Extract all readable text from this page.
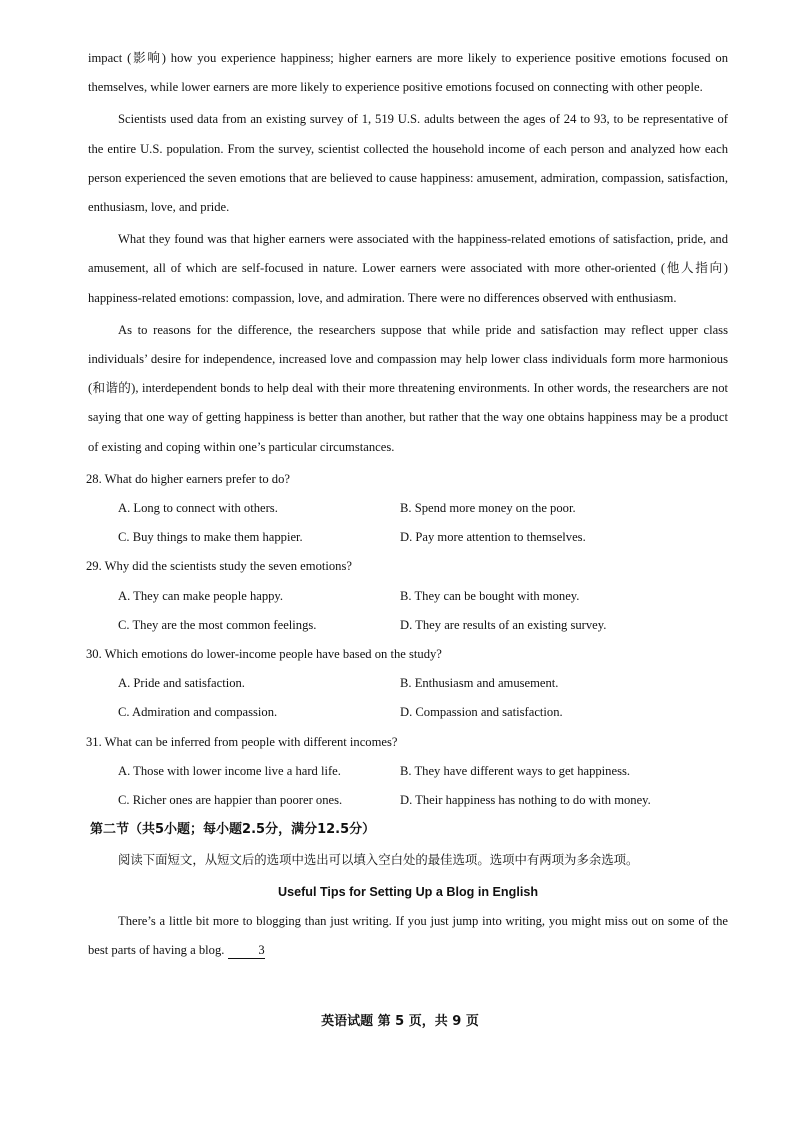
impact (影响) how you experience happiness; higher earners are more likely to experience positive emotions focused on themselves, while lower earners are more likely to experience positive emotions focused on connecting with other people.

Scientists used data from an existing survey of 1, 519 U.S. adults between the ages of 24 to 93, to be representative of the entire U.S. population. From the survey, scientist collected the household income of each person and analyzed how each person experienced the seven emotions that are believed to cause happiness: amusement, admiration, compassion, satisfaction, enthusiasm, love, and pride.

What they found was that higher earners were associated with the happiness-related emotions of satisfaction, pride, and amusement, all of which are self-focused in nature. Lower earners were associated with more other-oriented (他人指向) happiness-related emotions: compassion, love, and admiration. There were no differences observed with enthusiasm.

As to reasons for the difference, the researchers suppose that while pride and satisfaction may reflect upper class individuals’ desire for independence, increased love and compassion may help lower class individuals form more harmonious (和谐的), interdependent bonds to help deal with their more threatening environments. In other words, the researchers are not saying that one way of getting happiness is better than another, but rather that the way one obtains happiness may be a product of existing and coping within one’s particular circumstances.

28. What do higher earners prefer to do?
A. Long to connect with others.	B. Spend more money on the poor.
C. Buy things to make them happier.	D. Pay more attention to themselves.
29. Why did the scientists study the seven emotions?
A. They can make people happy.	B. They can be bought with money.
C. They are the most common feelings.	D. They are results of an existing survey.
30. Which emotions do lower-income people have based on the study?
A. Pride and satisfaction.	B. Enthusiasm and amusement.
C. Admiration and compassion.	D. Compassion and satisfaction.
31. What can be inferred from people with different incomes?
A. Those with lower income live a hard life.	B. They have different ways to get happiness.
C. Richer ones are happier than poorer ones.	D. Their happiness has nothing to do with money.
第二节（共5小题；每小题2.5分，满分12.5分）
阅读下面短文，从短文后的选项中选出可以填入空白处的最佳选项。选项中有两项为多余选项。
Useful Tips for Setting Up a Blog in English

There’s a little bit more to blogging than just writing. If you just jump into writing, you might miss out on some of the best parts of having a blog.	3

英语试题 第 5 页，共 9 页
